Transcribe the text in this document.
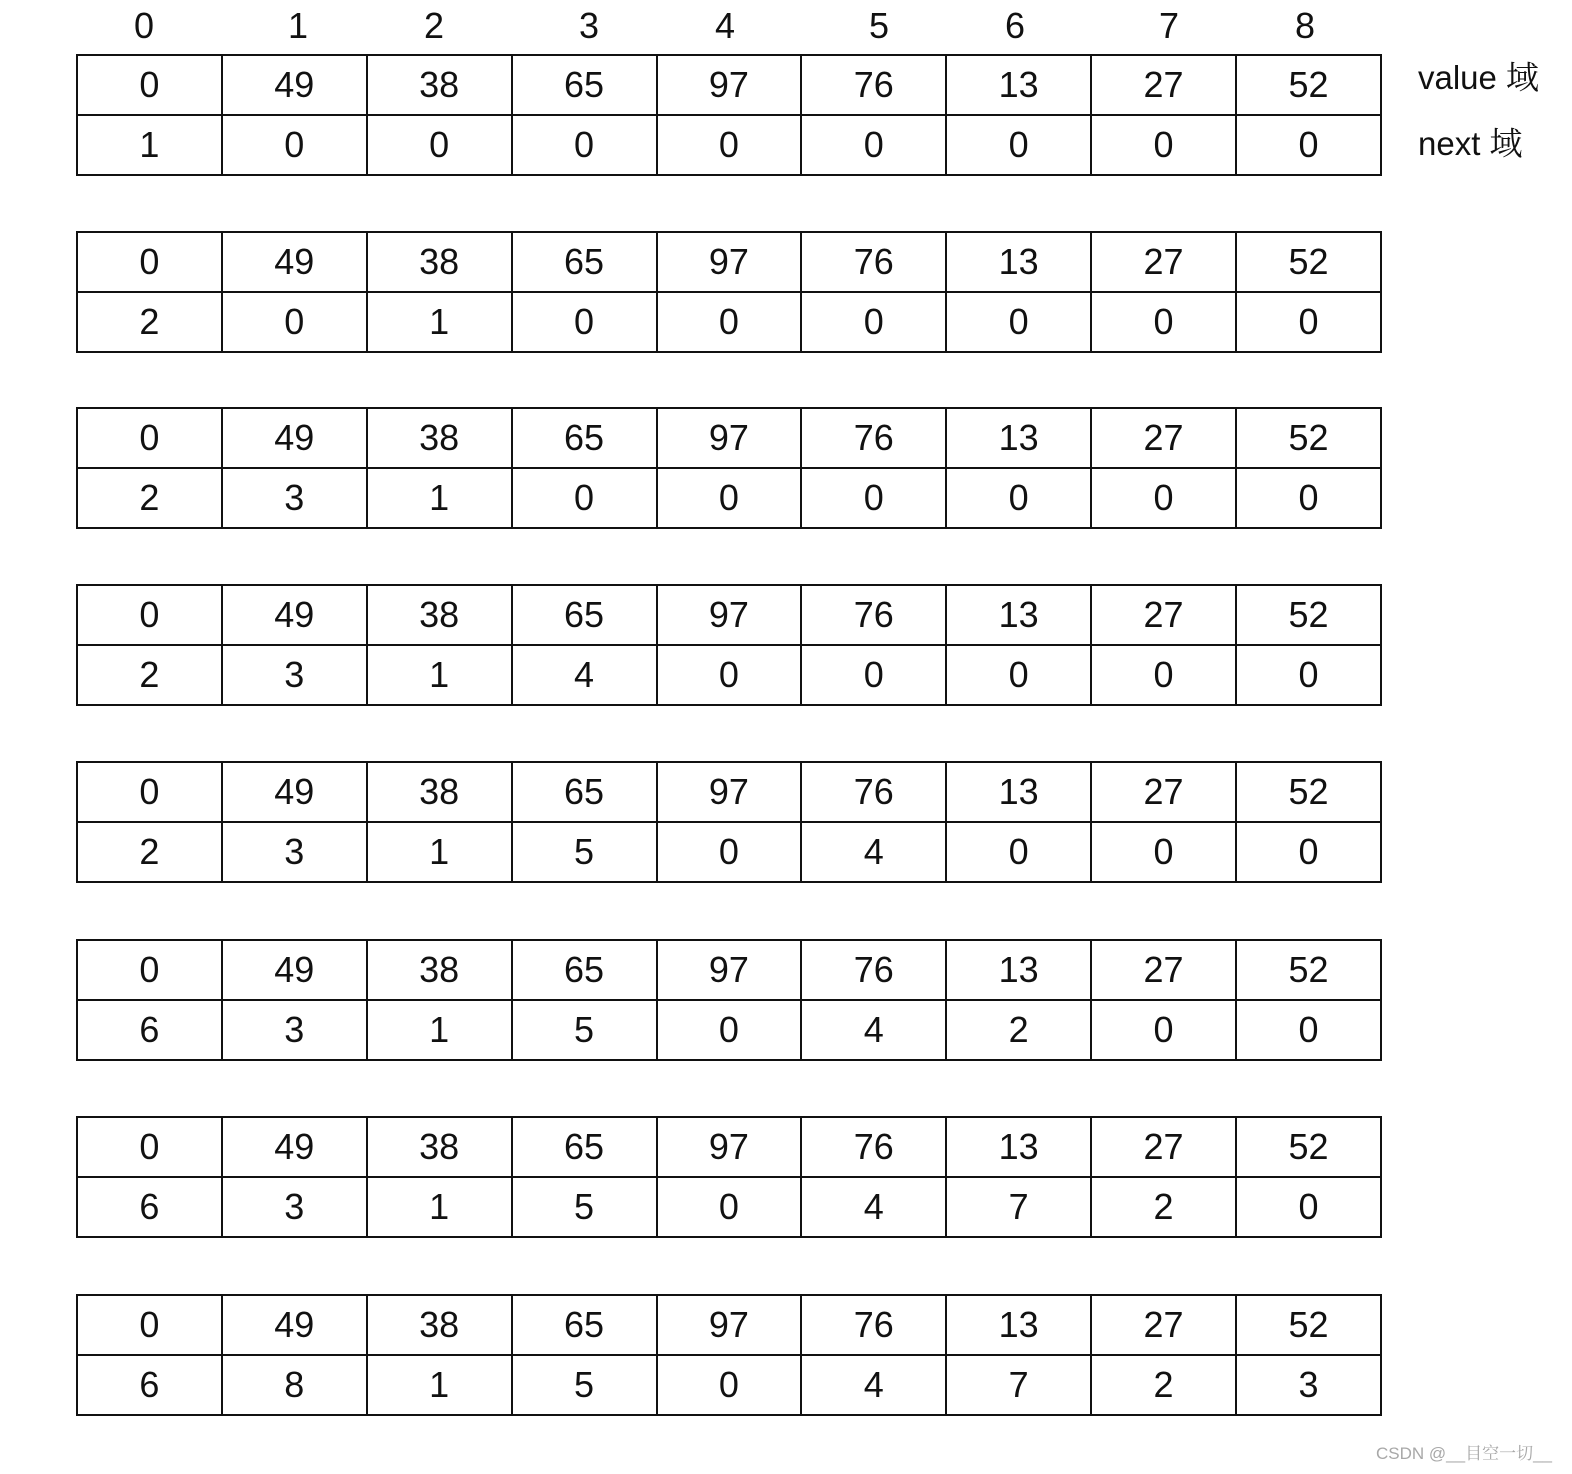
0	1	2	3	4	5	6	7	8
0	49	38	65	97	76	13	27	52
1	0	0	0	0	0	0	0	0
0	49	38	65	97	76	13	27	52
2	0	1	0	0	0	0	0	0
0	49	38	65	97	76	13	27	52
2	3	1	0	0	0	0	0	0
0	49	38	65	97	76	13	27	52
2	3	1	4	0	0	0	0	0
0	49	38	65	97	76	13	27	52
2	3	1	5	0	4	0	0	0
0	49	38	65	97	76	13	27	52
6	3	1	5	0	4	2	0	0
0	49	38	65	97	76	13	27	52
6	3	1	5	0	4	7	2	0
0	49	38	65	97	76	13	27	52
6	8	1	5	0	4	7	2	3
value 域
next 域
CSDN @__目空一切__
